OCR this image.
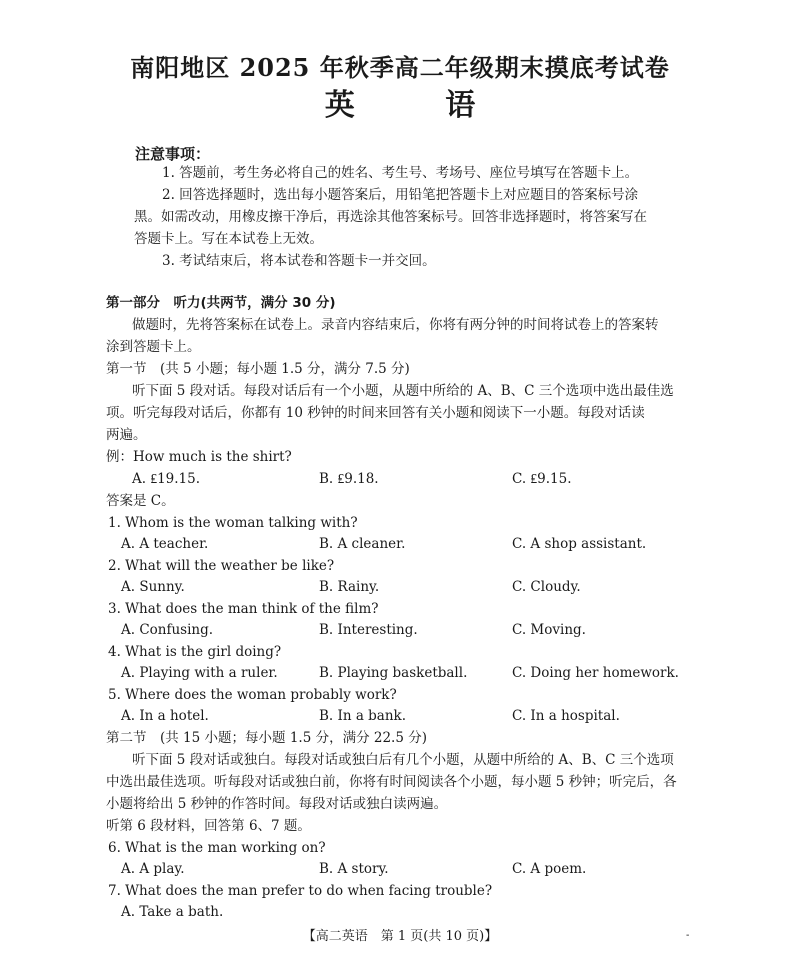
南阳地区 2025 年秋季高二年级期末摸底考试卷
英 语
注意事项：
1. 答题前，考生务必将自己的姓名、考生号、考场号、座位号填写在答题卡上。
2. 回答选择题时，选出每小题答案后，用铅笔把答题卡上对应题目的答案标号涂
黑。如需改动，用橡皮擦干净后，再选涂其他答案标号。回答非选择题时，将答案写在
答题卡上。写在本试卷上无效。
3. 考试结束后，将本试卷和答题卡一并交回。
第一部分　听力(共两节，满分 30 分)
做题时，先将答案标在试卷上。录音内容结束后，你将有两分钟的时间将试卷上的答案转
涂到答题卡上。
第一节　(共 5 小题；每小题 1.5 分，满分 7.5 分)
听下面 5 段对话。每段对话后有一个小题，从题中所给的 A、B、C 三个选项中选出最佳选
项。听完每段对话后，你都有 10 秒钟的时间来回答有关小题和阅读下一小题。每段对话读
两遍。
例：How much is the shirt?
A. ₤19.15.	B. ₤9.18.	C. ₤9.15.
答案是 C。
1. Whom is the woman talking with?
A. A teacher.	B. A cleaner.	C. A shop assistant.
2. What will the weather be like?
A. Sunny.	B. Rainy.	C. Cloudy.
3. What does the man think of the film?
A. Confusing.	B. Interesting.	C. Moving.
4. What is the girl doing?
A. Playing with a ruler.	B. Playing basketball.	C. Doing her homework.
5. Where does the woman probably work?
A. In a hotel.	B. In a bank.	C. In a hospital.
第二节　(共 15 小题；每小题 1.5 分，满分 22.5 分)
听下面 5 段对话或独白。每段对话或独白后有几个小题，从题中所给的 A、B、C 三个选项
中选出最佳选项。听每段对话或独白前，你将有时间阅读各个小题，每小题 5 秒钟；听完后，各
小题将给出 5 秒钟的作答时间。每段对话或独白读两遍。
听第 6 段材料，回答第 6、7 题。
6. What is the man working on?
A. A play.	B. A story.	C. A poem.
7. What does the man prefer to do when facing trouble?
A. Take a bath.
【高二英语　第 1 页(共 10 页)】	-
